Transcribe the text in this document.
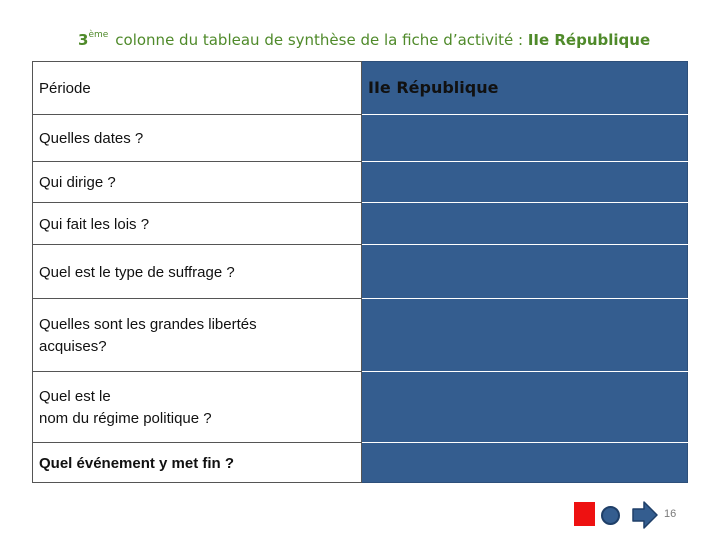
3ème colonne du tableau de synthèse de la fiche d’activité : IIe République
Période	IIe République
Quelles dates ?	
Qui dirige ?	
Qui fait les lois ?	
Quel est le type de suffrage ?	

Quelles sont les grandes libertés
acquises?	

Quel est le
nom du régime politique ?	

Quel événement y met fin ?	
16
